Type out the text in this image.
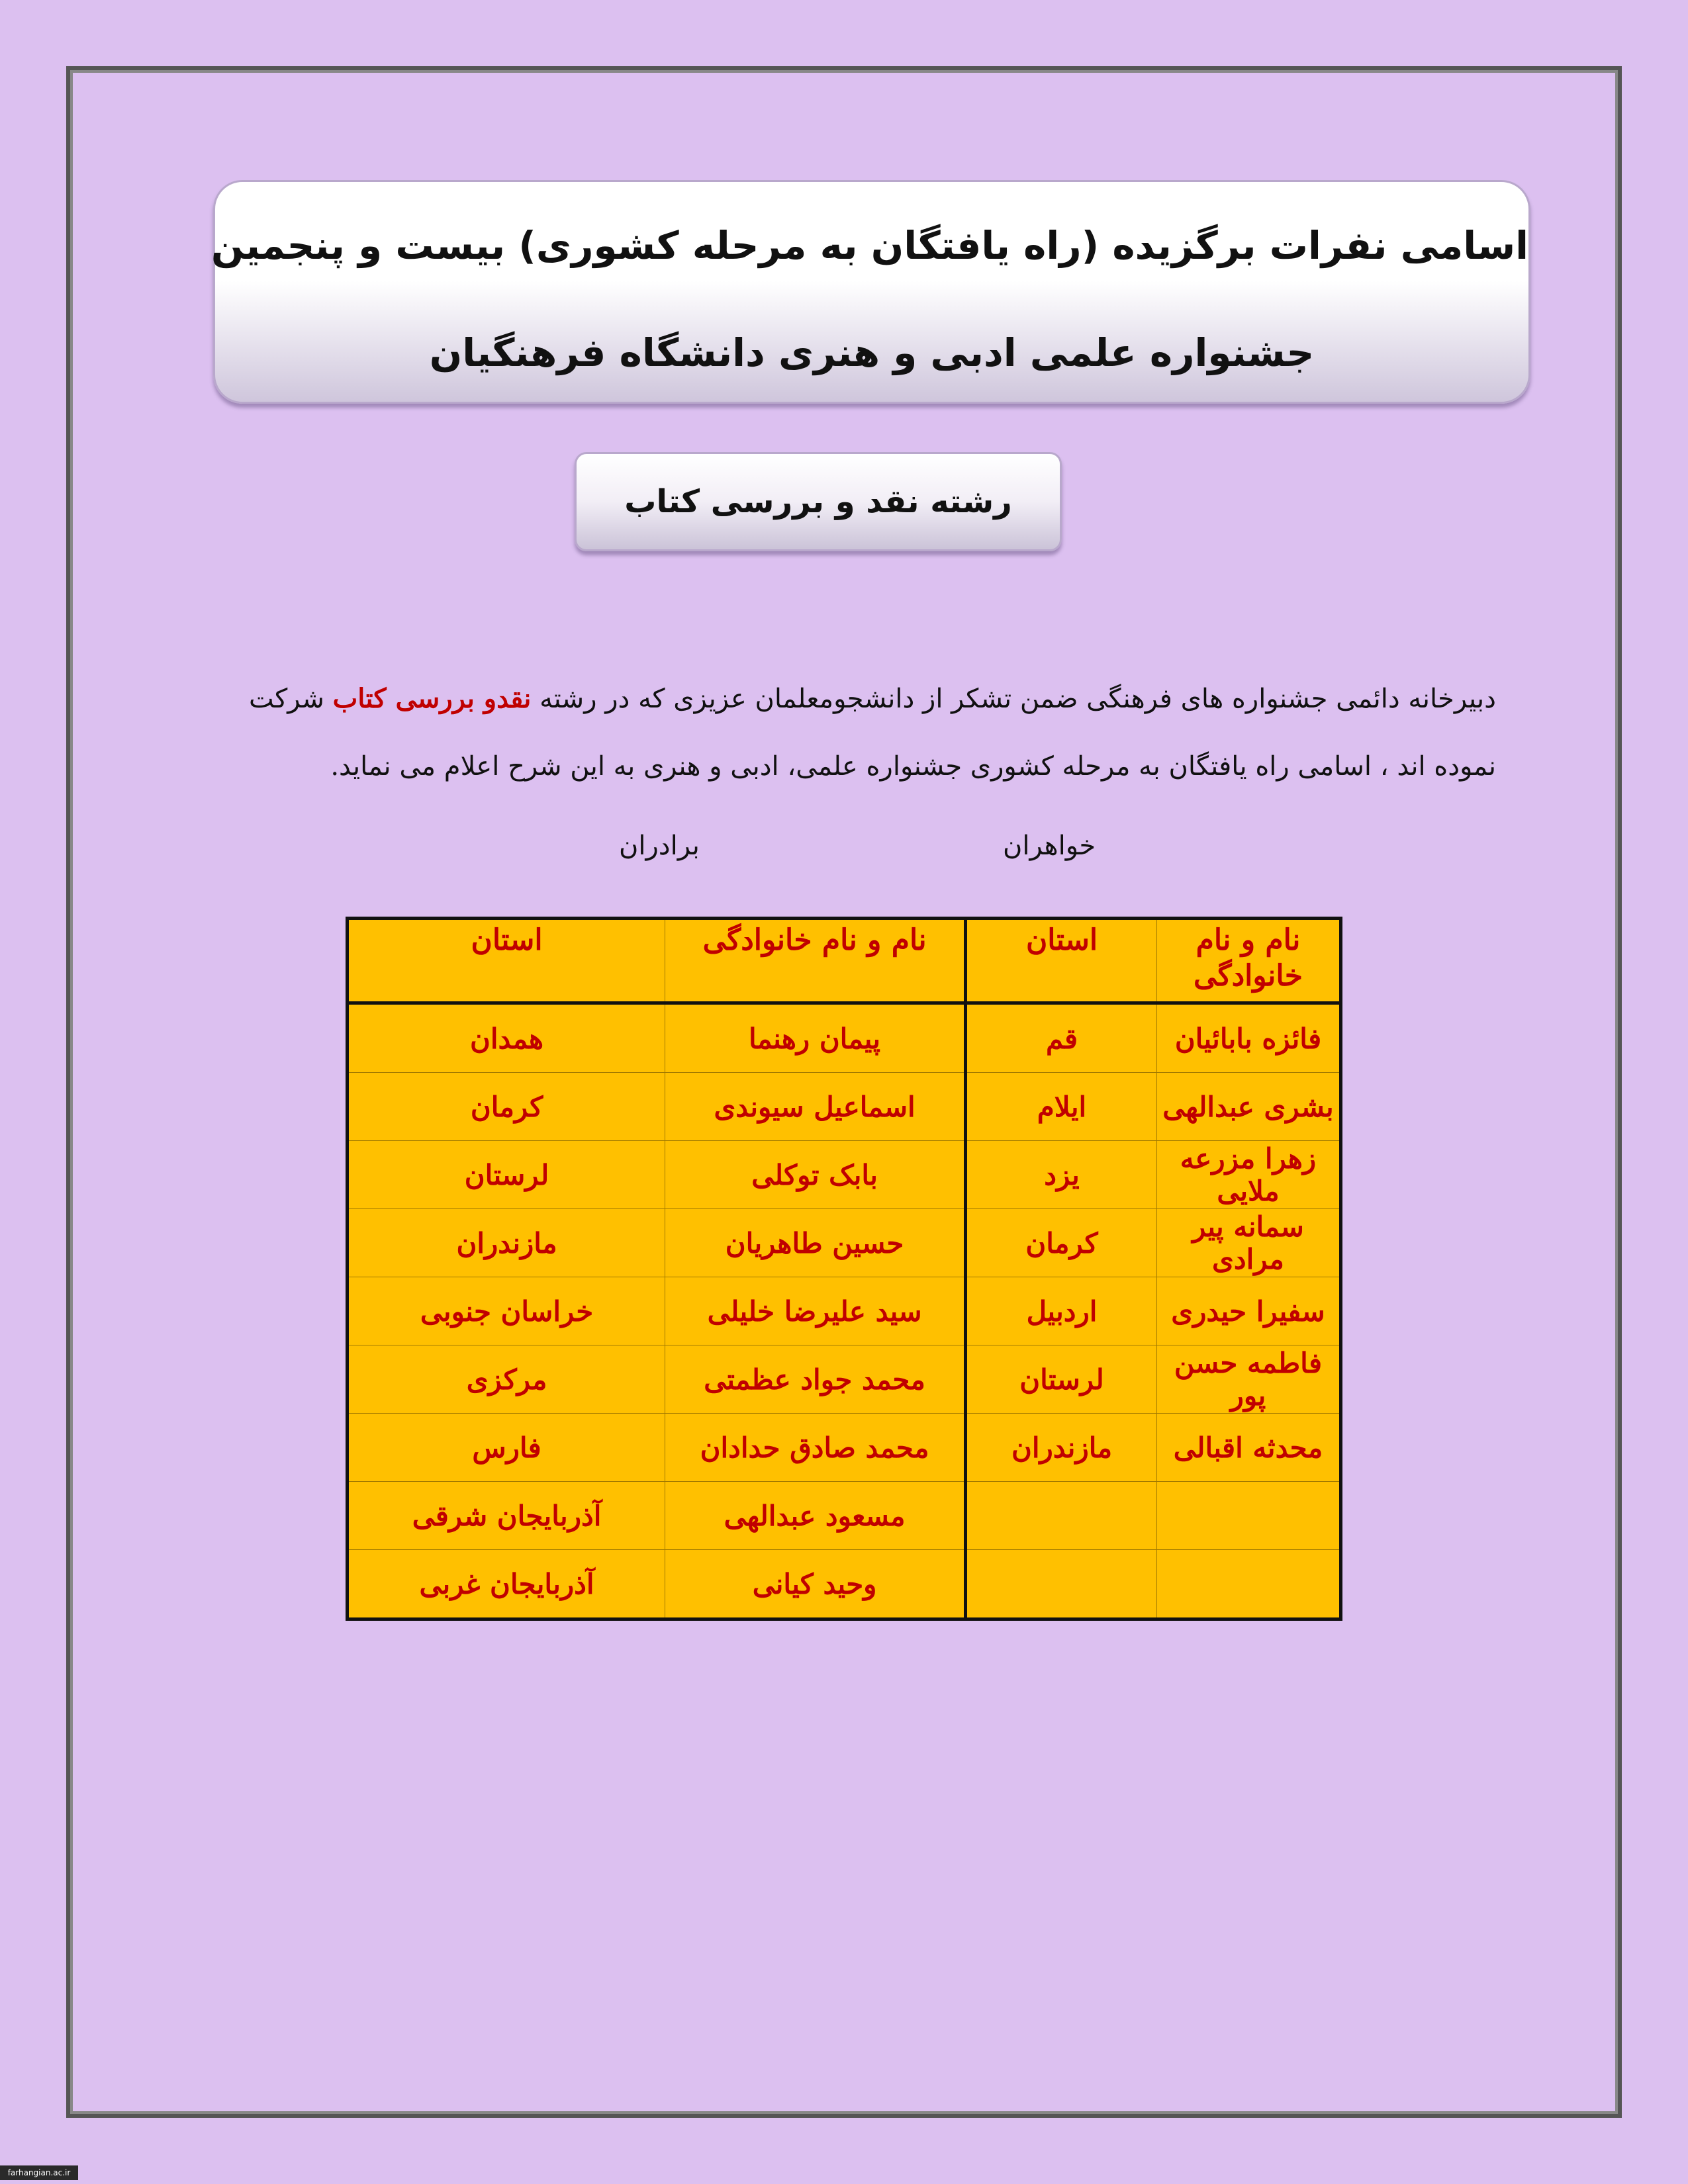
اسامی نفرات برگزیده (راه یافتگان به مرحله کشوری) بیست و پنجمین
جشنواره علمی ادبی و هنری دانشگاه فرهنگیان
رشته نقد و بررسی کتاب
دبیرخانه دائمی جشنواره های فرهنگی ضمن تشکر از دانشجومعلمان عزیزی که در رشته نقدو بررسی کتاب شرکت نموده اند ، اسامی راه یافتگان به مرحله کشوری جشنواره علمی، ادبی و هنری به این شرح اعلام می نماید.
خواهران
برادران
نام و نام خانوادگی	استان	نام و نام خانوادگی	استان
فائزه بابائیان	قم	پیمان رهنما	همدان
بشری عبدالهی	ایلام	اسماعیل سیوندی	کرمان
زهرا مزرعه ملایی	یزد	بابک توکلی	لرستان
سمانه پیر مرادی	کرمان	حسین طاهریان	مازندران
سفیرا حیدری	اردبیل	سید علیرضا خلیلی	خراسان جنوبی
فاطمه حسن پور	لرستان	محمد جواد عظمتی	مرکزی
محدثه اقبالی	مازندران	محمد صادق حدادان	فارس
		مسعود عبدالهی	آذربایجان شرقی
		وحید کیانی	آذربایجان غربی
farhangian.ac.ir
